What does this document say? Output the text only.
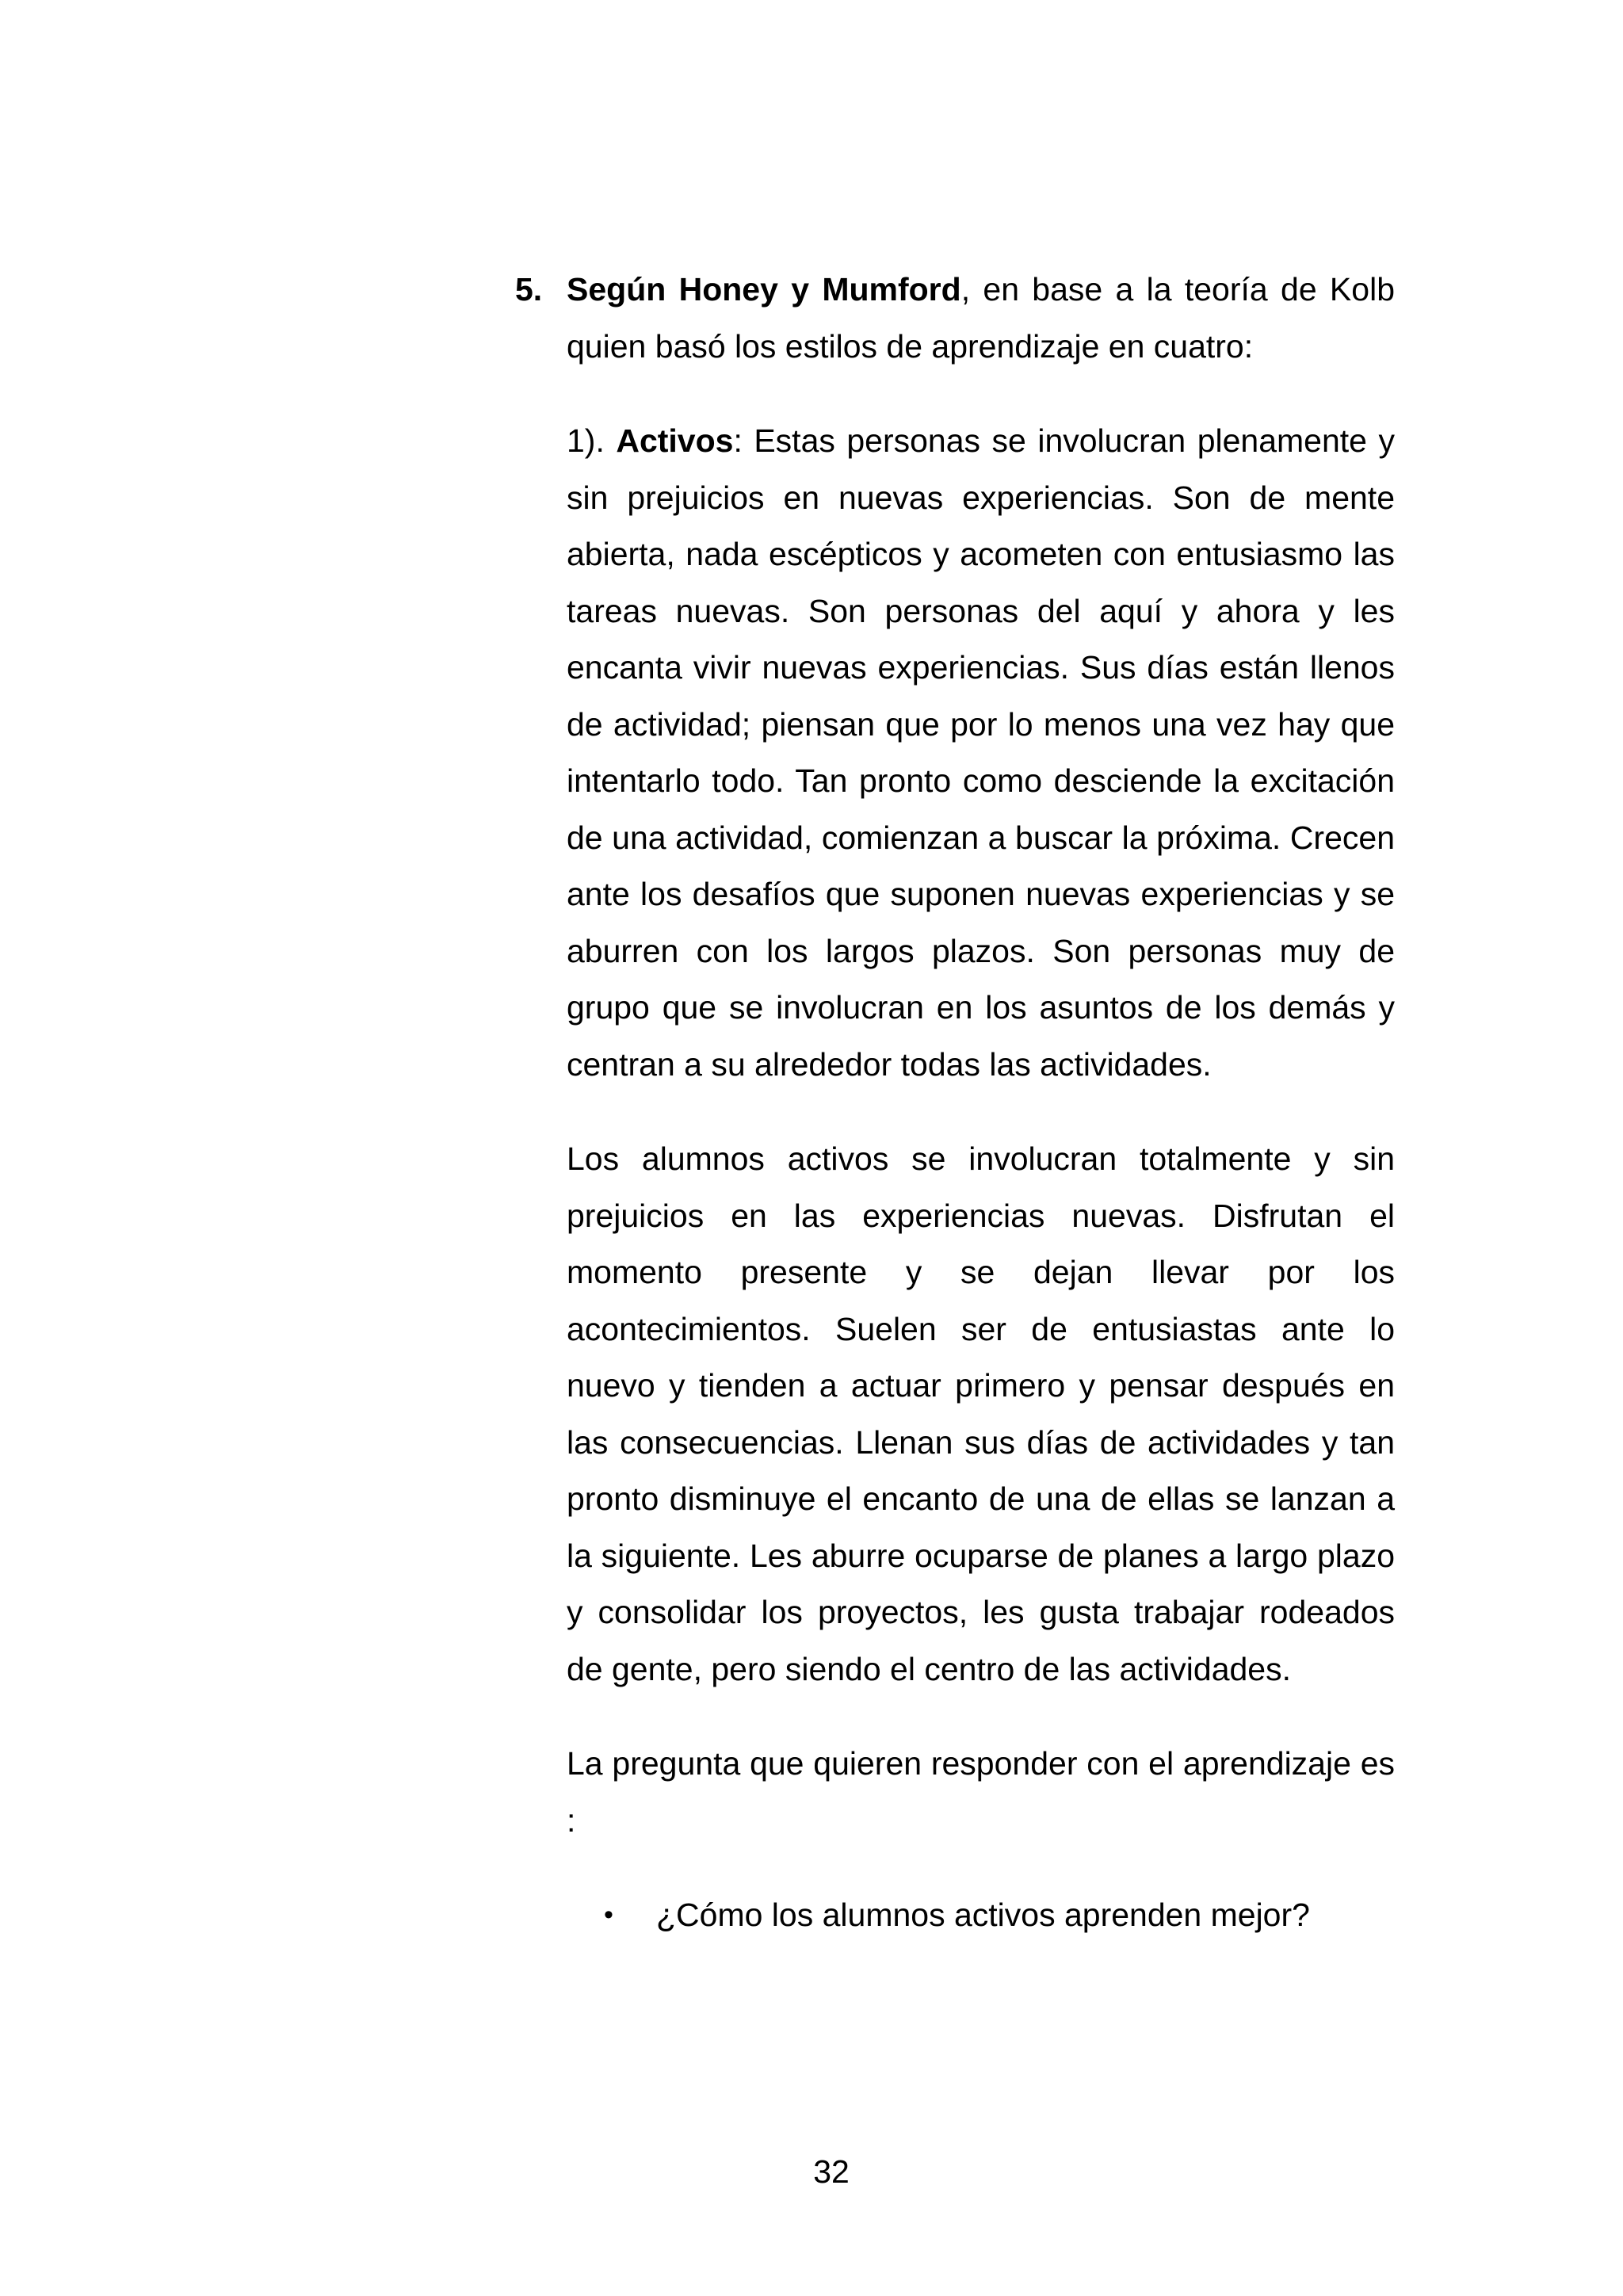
5. Según Honey y Mumford, en base a la teoría de Kolb quien basó los estilos de aprendizaje en cuatro:

1). Activos: Estas personas se involucran plenamente y sin prejuicios en nuevas experiencias. Son de mente abierta, nada escépticos y acometen con entusiasmo las tareas nuevas. Son personas del aquí y ahora y les encanta vivir nuevas experiencias. Sus días están llenos de actividad; piensan que por lo menos una vez hay que intentarlo todo. Tan pronto como desciende la excitación de una actividad, comienzan a buscar la próxima. Crecen ante los desafíos que suponen nuevas experiencias y se aburren con los largos plazos. Son personas muy de grupo que se involucran en los asuntos de los demás y centran a su alrededor todas las actividades.

Los alumnos activos se involucran totalmente y sin prejuicios en las experiencias nuevas. Disfrutan el momento presente y se dejan llevar por los acontecimientos. Suelen ser de entusiastas ante lo nuevo y tienden a actuar primero y pensar después en las consecuencias. Llenan sus días de actividades y tan pronto disminuye el encanto de una de ellas se lanzan a la siguiente. Les aburre ocuparse de planes a largo plazo y consolidar los proyectos, les gusta trabajar rodeados de gente, pero siendo el centro de las actividades.

La pregunta que quieren responder con el aprendizaje es :

• ¿Cómo los alumnos activos aprenden mejor?
32
